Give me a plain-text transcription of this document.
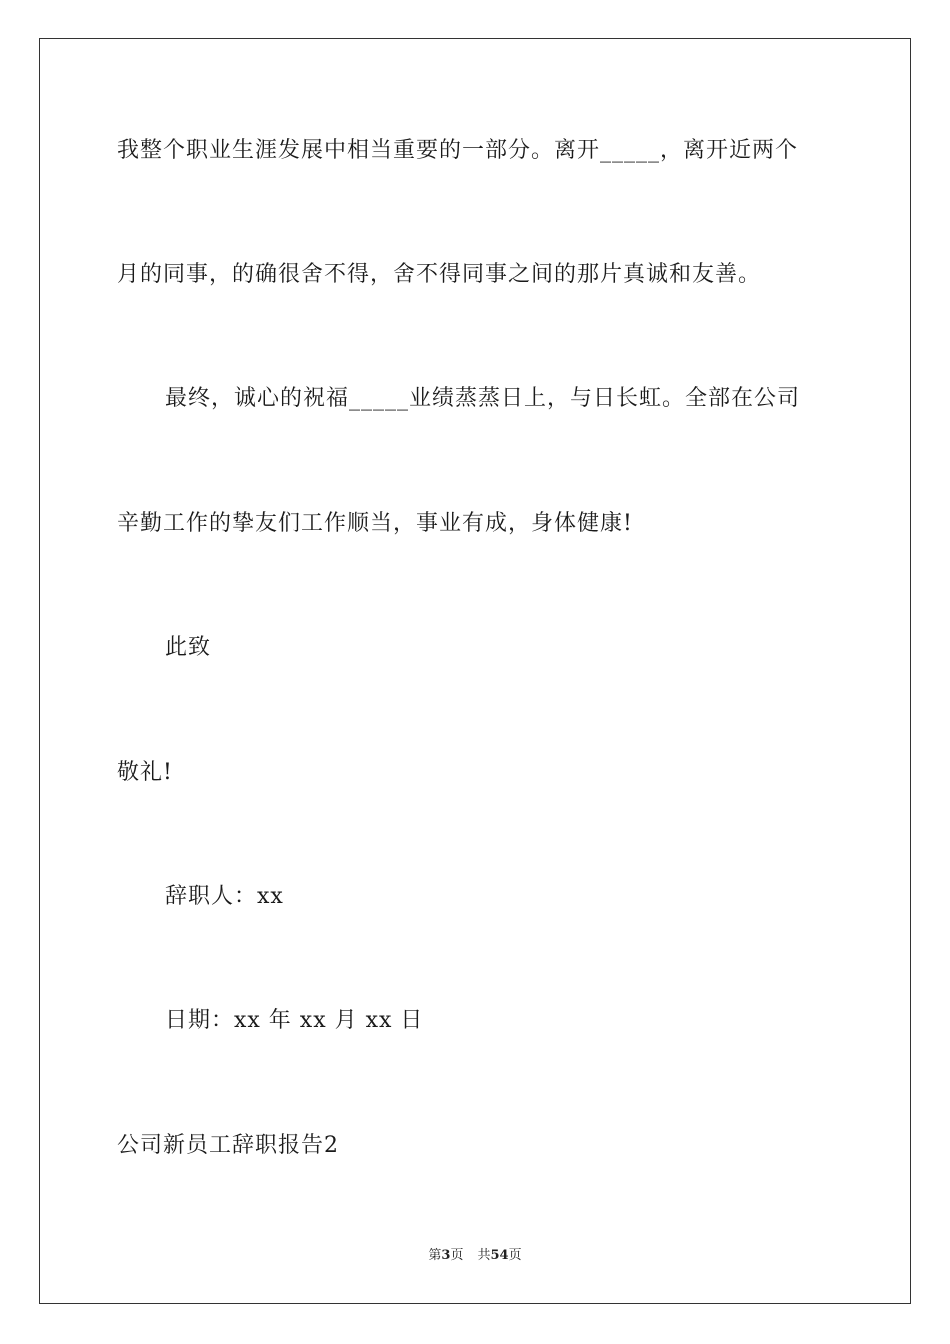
我整个职业生涯发展中相当重要的一部分。离开_____，离开近两个
月的同事，的确很舍不得，舍不得同事之间的那片真诚和友善。
最终，诚心的祝福_____业绩蒸蒸日上，与日长虹。全部在公司
辛勤工作的挚友们工作顺当，事业有成，身体健康!
此致
敬礼!
辞职人：xx
日期：xx 年 xx 月 xx 日
公司新员工辞职报告2
第3页 共54页
